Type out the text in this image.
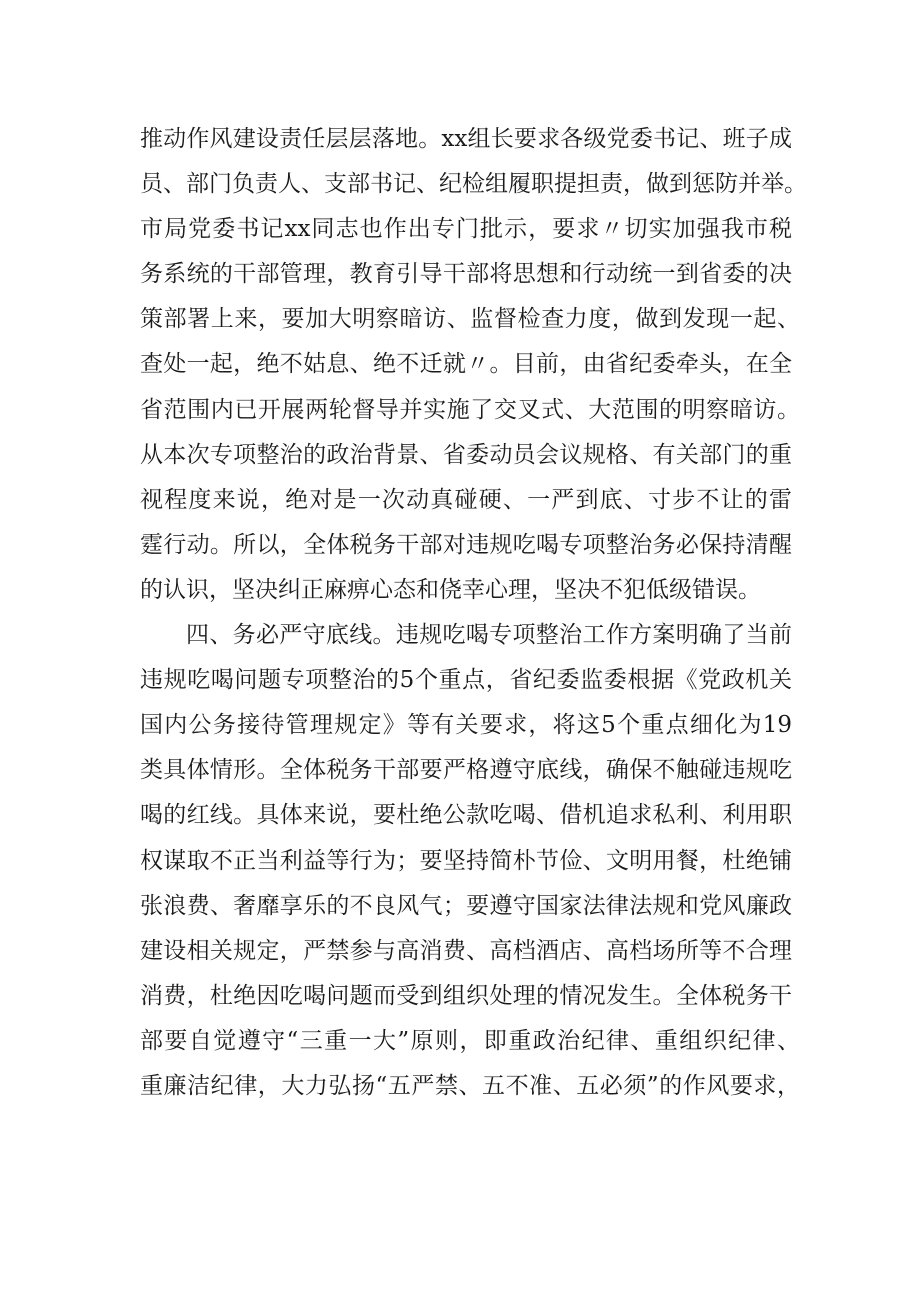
推动作风建设责任层层落地。xx组长要求各级党委书记、班子成
员、部门负责人、支部书记、纪检组履职提担责，做到惩防并举。
市局党委书记xx同志也作出专门批示，要求〃切实加强我市税
务系统的干部管理，教育引导干部将思想和行动统一到省委的决
策部署上来，要加大明察暗访、监督检查力度，做到发现一起、
查处一起，绝不姑息、绝不迁就〃。目前，由省纪委牵头，在全
省范围内已开展两轮督导并实施了交叉式、大范围的明察暗访。
从本次专项整治的政治背景、省委动员会议规格、有关部门的重
视程度来说，绝对是一次动真碰硬、一严到底、寸步不让的雷
霆行动。所以，全体税务干部对违规吃喝专项整治务必保持清醒
的认识，坚决纠正麻痹心态和侥幸心理，坚决不犯低级错误。
四、务必严守底线。违规吃喝专项整治工作方案明确了当前
违规吃喝问题专项整治的5个重点，省纪委监委根据《党政机关
国内公务接待管理规定》等有关要求，将这5个重点细化为19
类具体情形。全体税务干部要严格遵守底线，确保不触碰违规吃
喝的红线。具体来说，要杜绝公款吃喝、借机追求私利、利用职
权谋取不正当利益等行为；要坚持简朴节俭、文明用餐，杜绝铺
张浪费、奢靡享乐的不良风气；要遵守国家法律法规和党风廉政
建设相关规定，严禁参与高消费、高档酒店、高档场所等不合理
消费，杜绝因吃喝问题而受到组织处理的情况发生。全体税务干
部要自觉遵守“三重一大”原则，即重政治纪律、重组织纪律、
重廉洁纪律，大力弘扬“五严禁、五不准、五必须”的作风要求，
